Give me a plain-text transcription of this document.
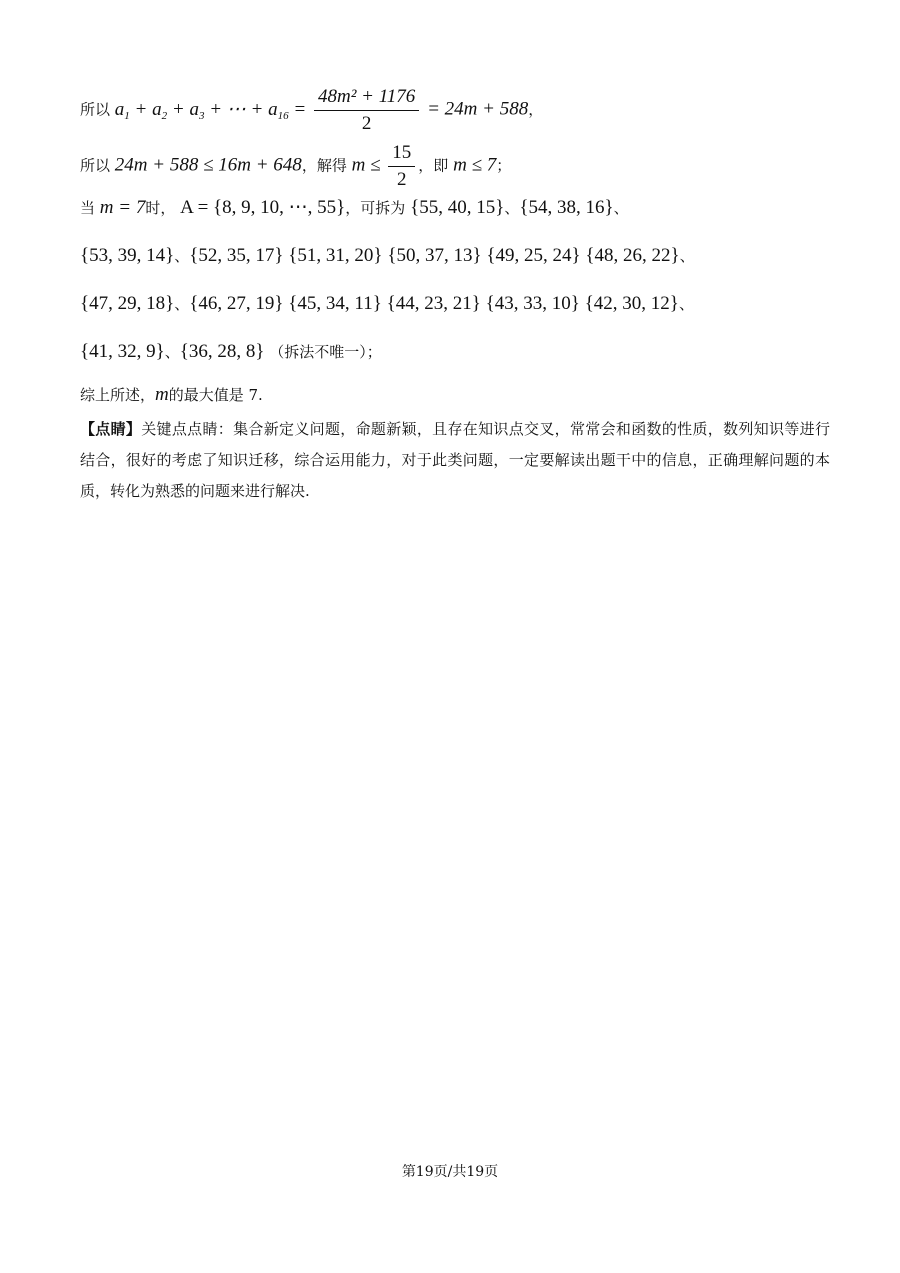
所以 $a_1 + a_2 + a_3$ + ⋯ + $a_{16} = \frac{\text{48m² + 1176}}{2} = 24m + 588$，
所以 24m + 588 ≤ 16m + 648，解得 $m \le \frac{15}{2}$ ，即 m ≤ 7；
当 m = 7时， A = {8, 9, 10, ⋯, 55}，可拆为 {55, 40, 15}、{54, 38, 16}、
{53, 39, 14}、{52, 35, 17} {51, 31, 20} {50, 37, 13} {49, 25, 24} {48, 26, 22}、
{47, 29, 18}、{46, 27, 19} {45, 34, 11} {44, 23, 21} {43, 33, 10} {42, 30, 12}、
{41, 32, 9}、{36, 28, 8} （拆法不唯一）；
综上所述，m的最大值是 7.
【点睛】关键点点睛：集合新定义问题，命题新颖，且存在知识点交叉，常常会和函数的性质，数列知识等进行结合，很好的考虑了知识迁移，综合运用能力，对于此类问题，一定要解读出题干中的信息，正确理解问题的本质，转化为熟悉的问题来进行解决.
第19页/共19页
